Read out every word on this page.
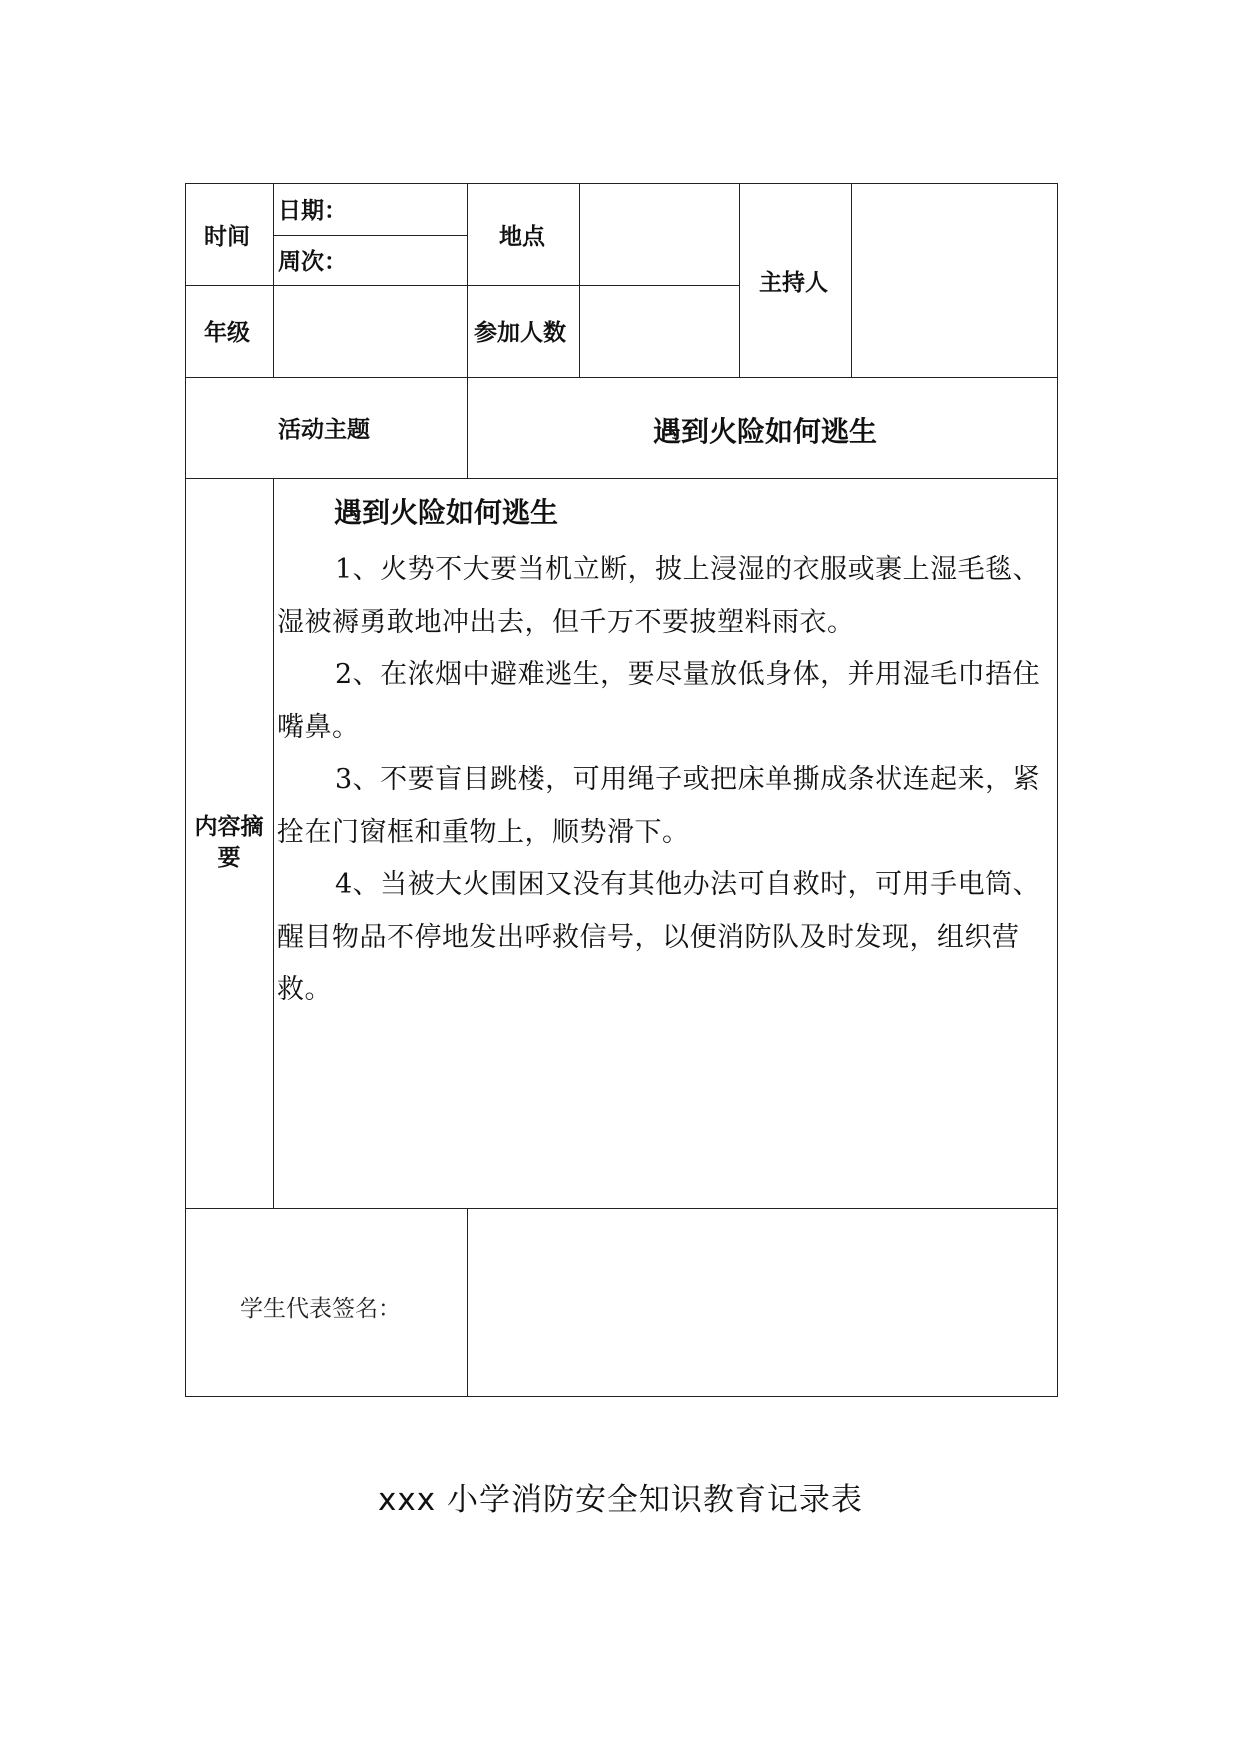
时间
日期：
周次：
地点
主持人
年级	参加人数
活动主题	遇到火险如何逃生
内容摘要
遇到火险如何逃生

1、火势不大要当机立断，披上浸湿的衣服或裹上湿毛毯、湿被褥勇敢地冲出去，但千万不要披塑料雨衣。

2、在浓烟中避难逃生，要尽量放低身体，并用湿毛巾捂住嘴鼻。

3、不要盲目跳楼，可用绳子或把床单撕成条状连起来，紧拴在门窗框和重物上，顺势滑下。

4、当被大火围困又没有其他办法可自救时，可用手电筒、醒目物品不停地发出呼救信号，以便消防队及时发现，组织营救。

学生代表签名：
xxx 小学消防安全知识教育记录表
